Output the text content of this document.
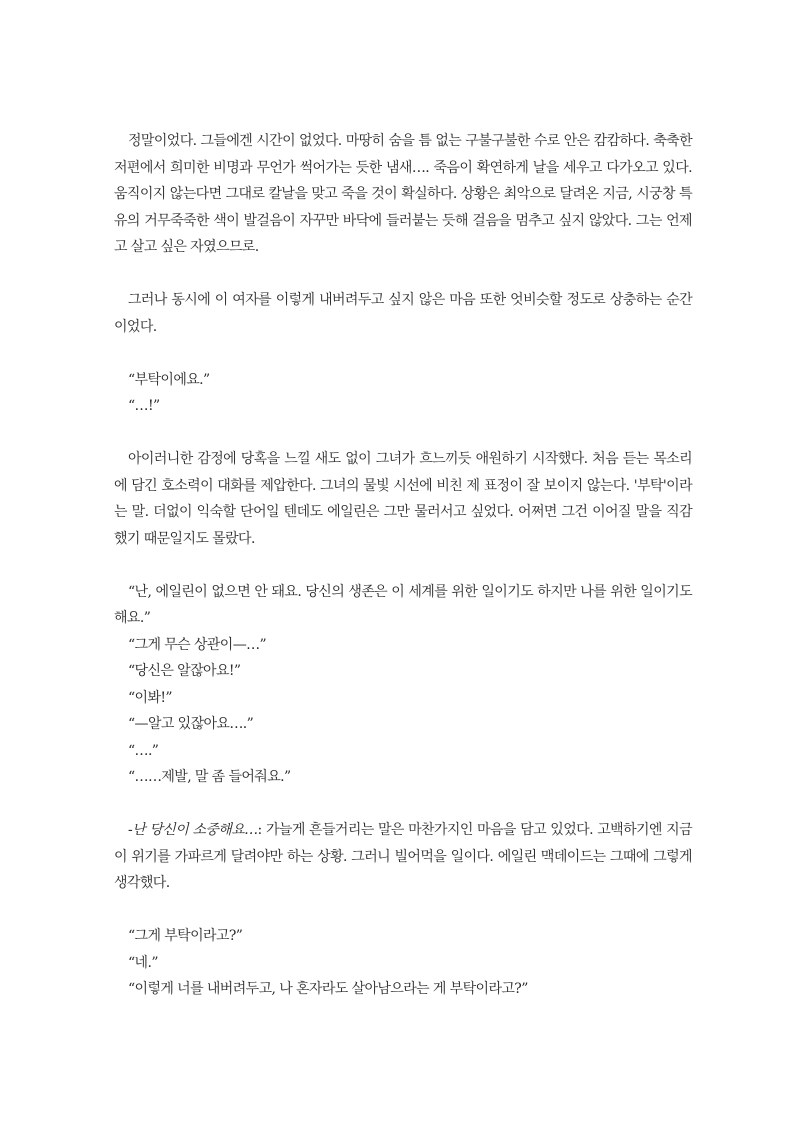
정말이었다. 그들에겐 시간이 없었다. 마땅히 숨을 틈 없는 구불구불한 수로 안은 캄캄하다. 축축한 저편에서 희미한 비명과 무언가 썩어가는 듯한 냄새…. 죽음이 확연하게 날을 세우고 다가오고 있다. 움직이지 않는다면 그대로 칼날을 맞고 죽을 것이 확실하다. 상황은 최악으로 달려온 지금, 시궁창 특유의 거무죽죽한 색이 발걸음이 자꾸만 바닥에 들러붙는 듯해 걸음을 멈추고 싶지 않았다. 그는 언제고 살고 싶은 자였으므로.

그러나 동시에 이 여자를 이렇게 내버려두고 싶지 않은 마음 또한 엇비슷할 정도로 상충하는 순간이었다.

“부탁이에요.”

“…!”

아이러니한 감정에 당혹을 느낄 새도 없이 그녀가 흐느끼듯 애원하기 시작했다. 처음 듣는 목소리에 담긴 호소력이 대화를 제압한다. 그녀의 물빛 시선에 비친 제 표정이 잘 보이지 않는다. '부탁'이라는 말. 더없이 익숙할 단어일 텐데도 에일린은 그만 물러서고 싶었다. 어쩌면 그건 이어질 말을 직감했기 때문일지도 몰랐다.

“난, 에일린이 없으면 안 돼요. 당신의 생존은 이 세계를 위한 일이기도 하지만 나를 위한 일이기도 해요.”

“그게 무슨 상관이—…”

“당신은 알잖아요!”

“이봐!”

“—알고 있잖아요….”

“….”

“……제발, 말 좀 들어줘요.”

-난 당신이 소중해요…: 가늘게 흔들거리는 말은 마찬가지인 마음을 담고 있었다. 고백하기엔 지금 이 위기를 가파르게 달려야만 하는 상황. 그러니 빌어먹을 일이다. 에일린 맥데이드는 그때에 그렇게 생각했다.

“그게 부탁이라고?”

“네.”

“이렇게 너를 내버려두고, 나 혼자라도 살아남으라는 게 부탁이라고?”
